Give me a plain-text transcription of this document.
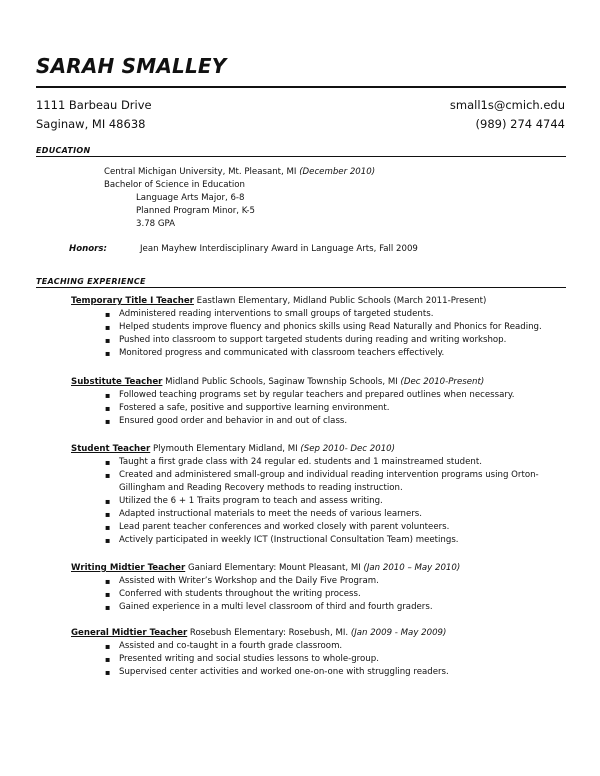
SARAH SMALLEY
1111 Barbeau Drive
Saginaw, MI 48638
small1s@cmich.edu
(989) 274 4744
EDUCATION
Central Michigan University, Mt. Pleasant, MI (December 2010)
Bachelor of Science in Education
Language Arts Major, 6-8
Planned Program Minor, K-5
3.78 GPA
Honors:	Jean Mayhew Interdisciplinary Award in Language Arts, Fall 2009
TEACHING EXPERIENCE
Temporary Title I Teacher Eastlawn Elementary, Midland Public Schools (March 2011-Present)
▪ Administered reading interventions to small groups of targeted students.
▪ Helped students improve fluency and phonics skills using Read Naturally and Phonics for Reading.
▪ Pushed into classroom to support targeted students during reading and writing workshop.
▪ Monitored progress and communicated with classroom teachers effectively.
Substitute Teacher Midland Public Schools, Saginaw Township Schools, MI (Dec 2010-Present)
▪ Followed teaching programs set by regular teachers and prepared outlines when necessary.
▪ Fostered a safe, positive and supportive learning environment.
▪ Ensured good order and behavior in and out of class.
Student Teacher Plymouth Elementary Midland, MI (Sep 2010- Dec 2010)
▪ Taught a first grade class with 24 regular ed. students and 1 mainstreamed student.
▪ Created and administered small-group and individual reading intervention programs using Orton-Gillingham and Reading Recovery methods to reading instruction.
▪ Utilized the 6 + 1 Traits program to teach and assess writing.
▪ Adapted instructional materials to meet the needs of various learners.
▪ Lead parent teacher conferences and worked closely with parent volunteers.
▪ Actively participated in weekly ICT (Instructional Consultation Team) meetings.
Writing Midtier Teacher Ganiard Elementary: Mount Pleasant, MI (Jan 2010 – May 2010)
▪ Assisted with Writer’s Workshop and the Daily Five Program.
▪ Conferred with students throughout the writing process.
▪ Gained experience in a multi level classroom of third and fourth graders.
General Midtier Teacher Rosebush Elementary: Rosebush, MI. (Jan 2009 - May 2009)
▪ Assisted and co-taught in a fourth grade classroom.
▪ Presented writing and social studies lessons to whole-group.
▪ Supervised center activities and worked one-on-one with struggling readers.
